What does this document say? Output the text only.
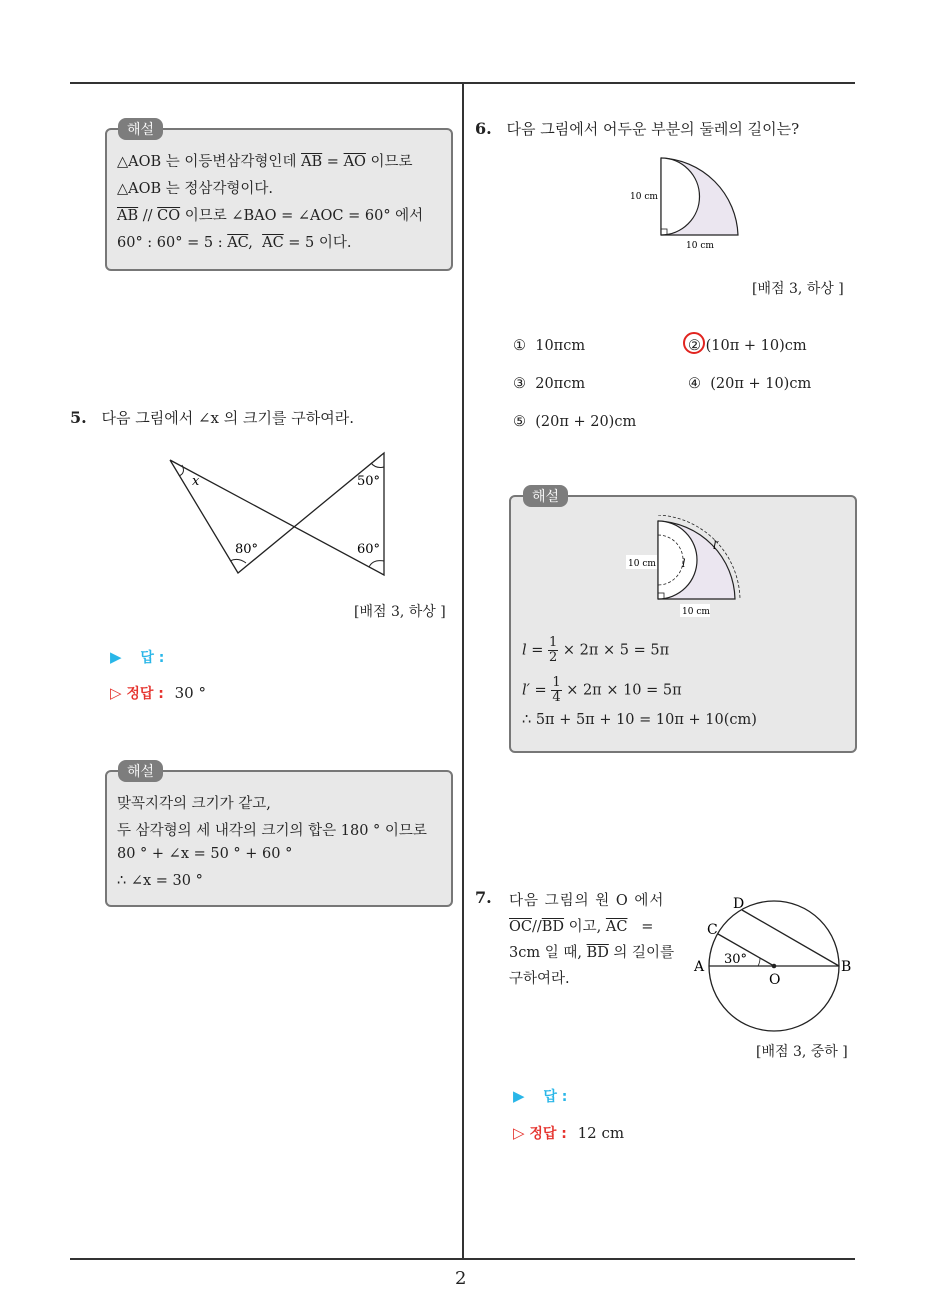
2
해설
△AOB 는 이등변삼각형인데 $\overline{AB} = \overline{AO}$ 이므로
△AOB 는 정삼각형이다.
$\overline{AB} // \overline{CO}$ 이므로 ∠BAO = ∠AOC = 60° 에서
60° : 60° = 5 : $\overline{AC}$,  $\overline{AC} = 5$ 이다.
5. 다음 그림에서 ∠x 의 크기를 구하여라.
x	50°
80°	60°
[배점 3, 하상 ]
▶ 답 :
▷ 정답 : 30 °
해설
맞꼭지각의 크기가 같고,
두 삼각형의 세 내각의 크기의 합은 180 ° 이므로
80 ° + ∠x = 50 ° + 60 °
∴ ∠x = 30 °
6. 다음 그림에서 어두운 부분의 둘레의 길이는?
10 cm
10 cm
[배점 3, 하상 ]
① 10πcm	② (10π + 10)cm
③ 20πcm	④ (20π + 10)cm
⑤ (20π + 20)cm
해설
10 cm
10 cm
l
l′
$l = \frac{1}{2} \times 2\pi \times 5 = 5\pi$
$l' = \frac{1}{4} \times 2\pi \times 10 = 5\pi$
∴ 5π + 5π + 10 = 10π + 10(cm)
7. 다음 그림의 원 O 에서
$\overline{OC}//\overline{BD}$ 이고, $\overline{AC}$   =
3cm 일 때, $\overline{BD}$ 의 길이를
구하여라.
D
C
A	B
O
30°
[배점 3, 중하 ]
▶ 답 :
▷ 정답 : 12 cm
